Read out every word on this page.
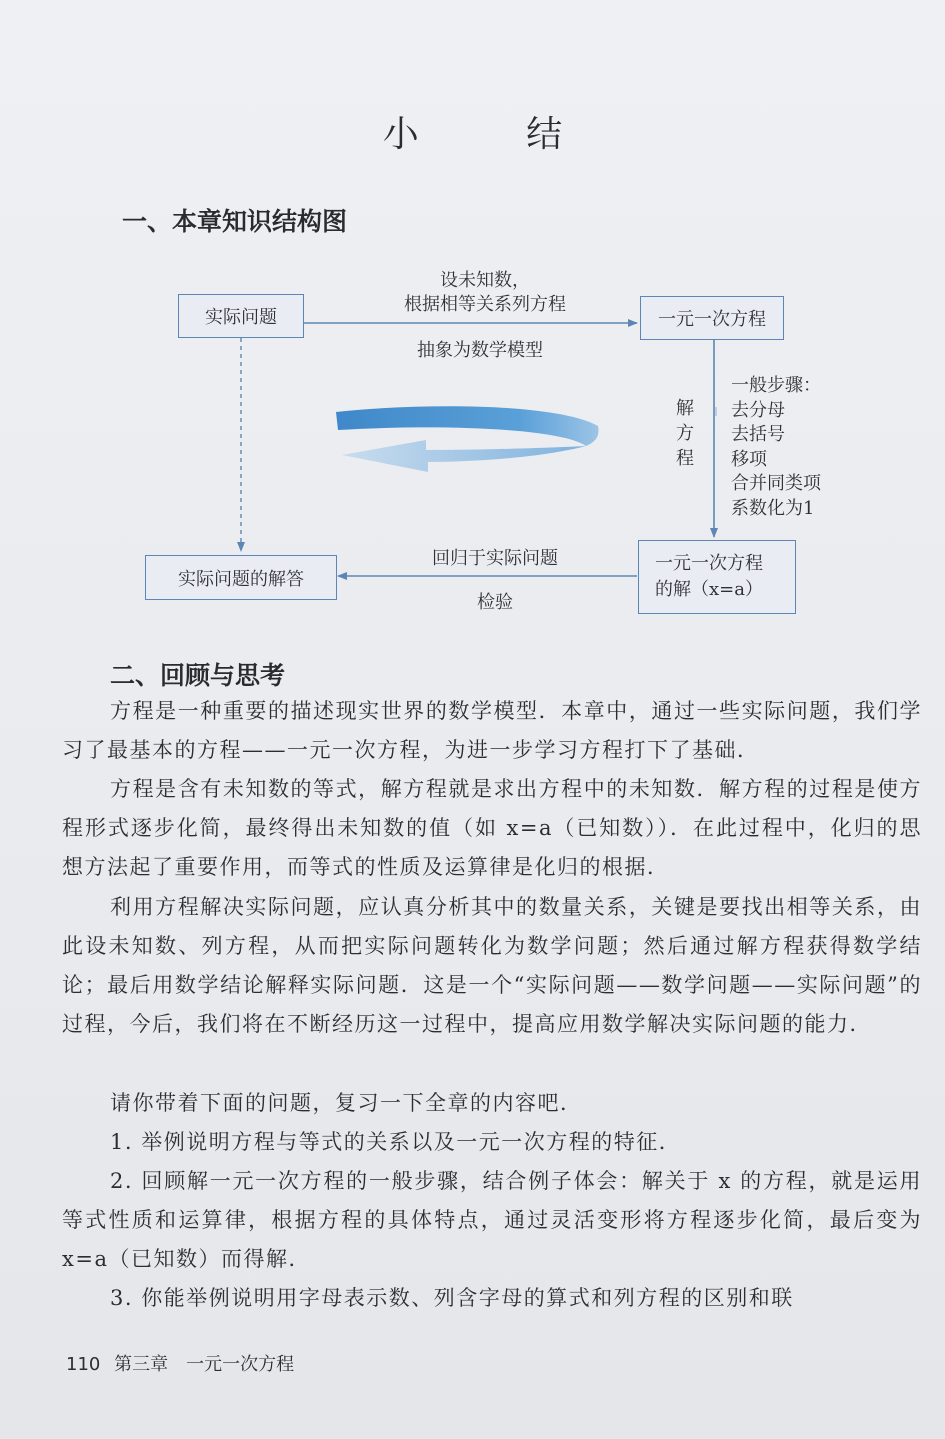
小 结
一、本章知识结构图
实际问题	一元一次方程
实际问题的解答
一元一次方程
的解（x=a）
设未知数，
根据相等关系列方程
抽象为数学模型
解
方
程
一般步骤：
去分母
去括号
移项
合并同类项
系数化为1
回归于实际问题
检验
二、回顾与思考
方程是一种重要的描述现实世界的数学模型．本章中，通过一些实际问题，我们学习了最基本的方程——一元一次方程，为进一步学习方程打下了基础．
方程是含有未知数的等式，解方程就是求出方程中的未知数．解方程的过程是使方程形式逐步化简，最终得出未知数的值（如 x=a（已知数））．在此过程中，化归的思想方法起了重要作用，而等式的性质及运算律是化归的根据．
利用方程解决实际问题，应认真分析其中的数量关系，关键是要找出相等关系，由此设未知数、列方程，从而把实际问题转化为数学问题；然后通过解方程获得数学结论；最后用数学结论解释实际问题．这是一个“实际问题——数学问题——实际问题”的过程，今后，我们将在不断经历这一过程中，提高应用数学解决实际问题的能力．
请你带着下面的问题，复习一下全章的内容吧．
1. 举例说明方程与等式的关系以及一元一次方程的特征．
2. 回顾解一元一次方程的一般步骤，结合例子体会：解关于 x 的方程，就是运用等式性质和运算律，根据方程的具体特点，通过灵活变形将方程逐步化简，最后变为 x=a（已知数）而得解．
3. 你能举例说明用字母表示数、列含字母的算式和列方程的区别和联
110 第三章　一元一次方程
